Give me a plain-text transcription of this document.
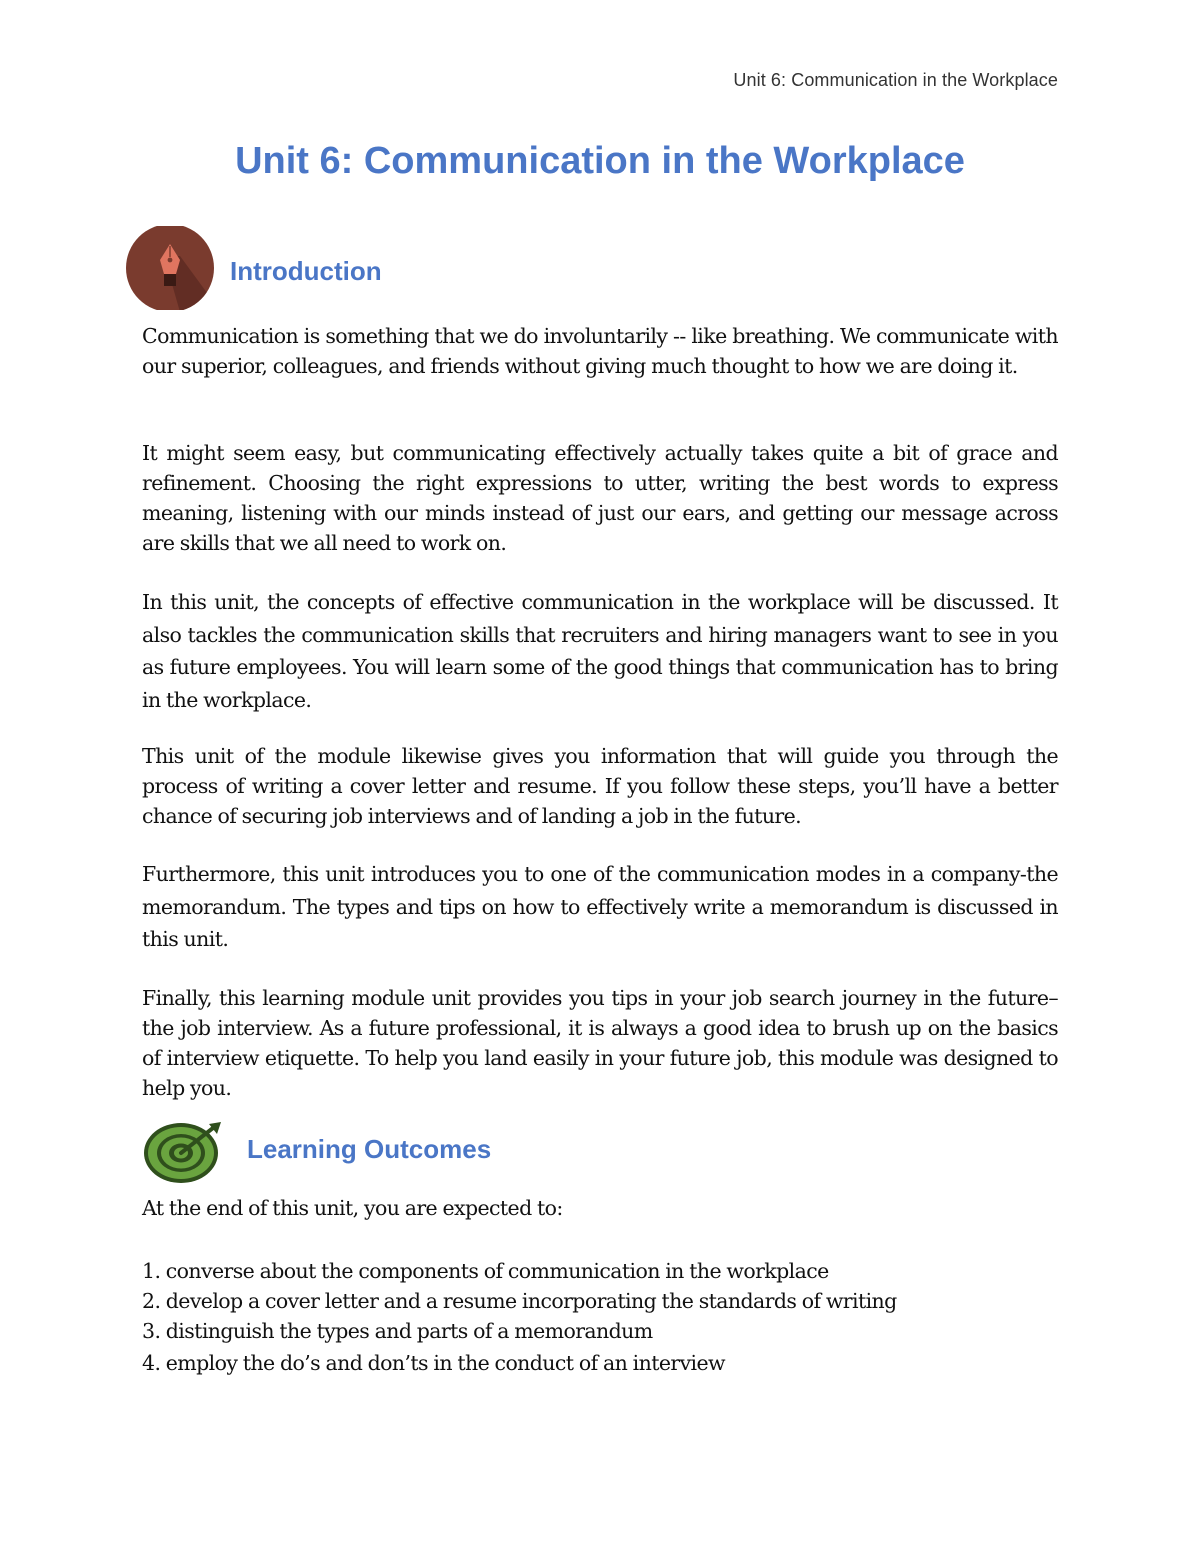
Unit 6: Communication in the Workplace
Unit 6: Communication in the Workplace
Introduction

Communication is something that we do involuntarily -- like breathing. We communicate with our superior, colleagues, and friends without giving much thought to how we are doing it.

It might seem easy, but communicating effectively actually takes quite a bit of grace and refinement. Choosing the right expressions to utter, writing the best words to express meaning, listening with our minds instead of just our ears, and getting our message across are skills that we all need to work on.

In this unit, the concepts of effective communication in the workplace will be discussed. It also tackles the communication skills that recruiters and hiring managers want to see in you as future employees. You will learn some of the good things that communication has to bring in the workplace.

This unit of the module likewise gives you information that will guide you through the process of writing a cover letter and resume. If you follow these steps, you’ll have a better chance of securing job interviews and of landing a job in the future.

Furthermore, this unit introduces you to one of the communication modes in a company-the memorandum. The types and tips on how to effectively write a memorandum is discussed in this unit.

Finally, this learning module unit provides you tips in your job search journey in the future– the job interview. As a future professional, it is always a good idea to brush up on the basics of interview etiquette. To help you land easily in your future job, this module was designed to help you.

Learning Outcomes

At the end of this unit, you are expected to:

1. converse about the components of communication in the workplace
2. develop a cover letter and a resume incorporating the standards of writing
3. distinguish the types and parts of a memorandum
4. employ the do’s and don’ts in the conduct of an interview
